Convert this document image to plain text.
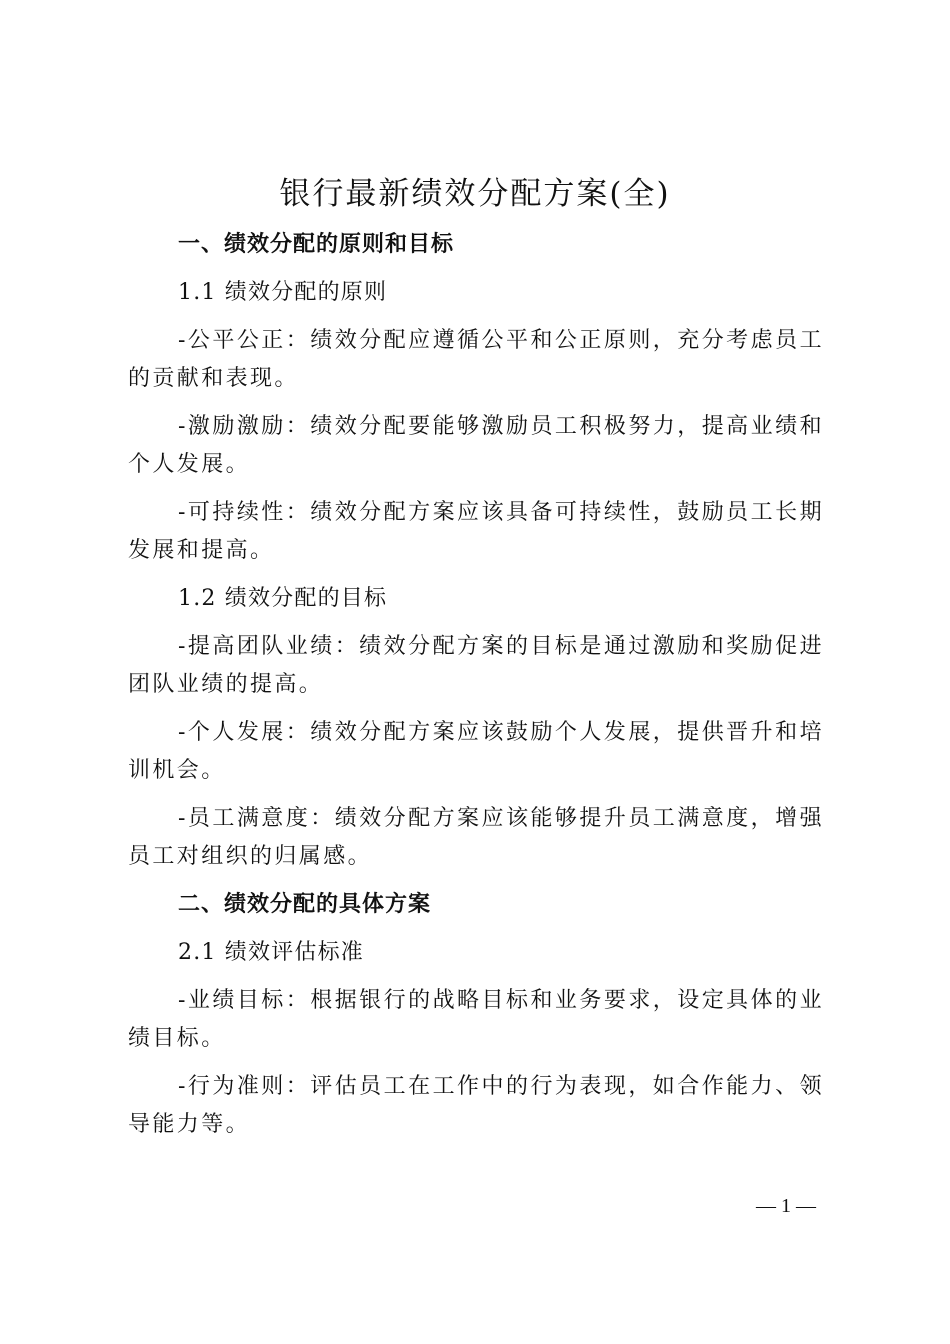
银行最新绩效分配方案(全)

一、绩效分配的原则和目标

1.1 绩效分配的原则

-公平公正：绩效分配应遵循公平和公正原则，充分考虑员工的贡献和表现。

-激励激励：绩效分配要能够激励员工积极努力，提高业绩和个人发展。

-可持续性：绩效分配方案应该具备可持续性，鼓励员工长期发展和提高。

1.2 绩效分配的目标

-提高团队业绩：绩效分配方案的目标是通过激励和奖励促进团队业绩的提高。

-个人发展：绩效分配方案应该鼓励个人发展，提供晋升和培训机会。

-员工满意度：绩效分配方案应该能够提升员工满意度，增强员工对组织的归属感。

二、绩效分配的具体方案

2.1 绩效评估标准

-业绩目标：根据银行的战略目标和业务要求，设定具体的业绩目标。

-行为准则：评估员工在工作中的行为表现，如合作能力、领导能力等。

— 1 —
